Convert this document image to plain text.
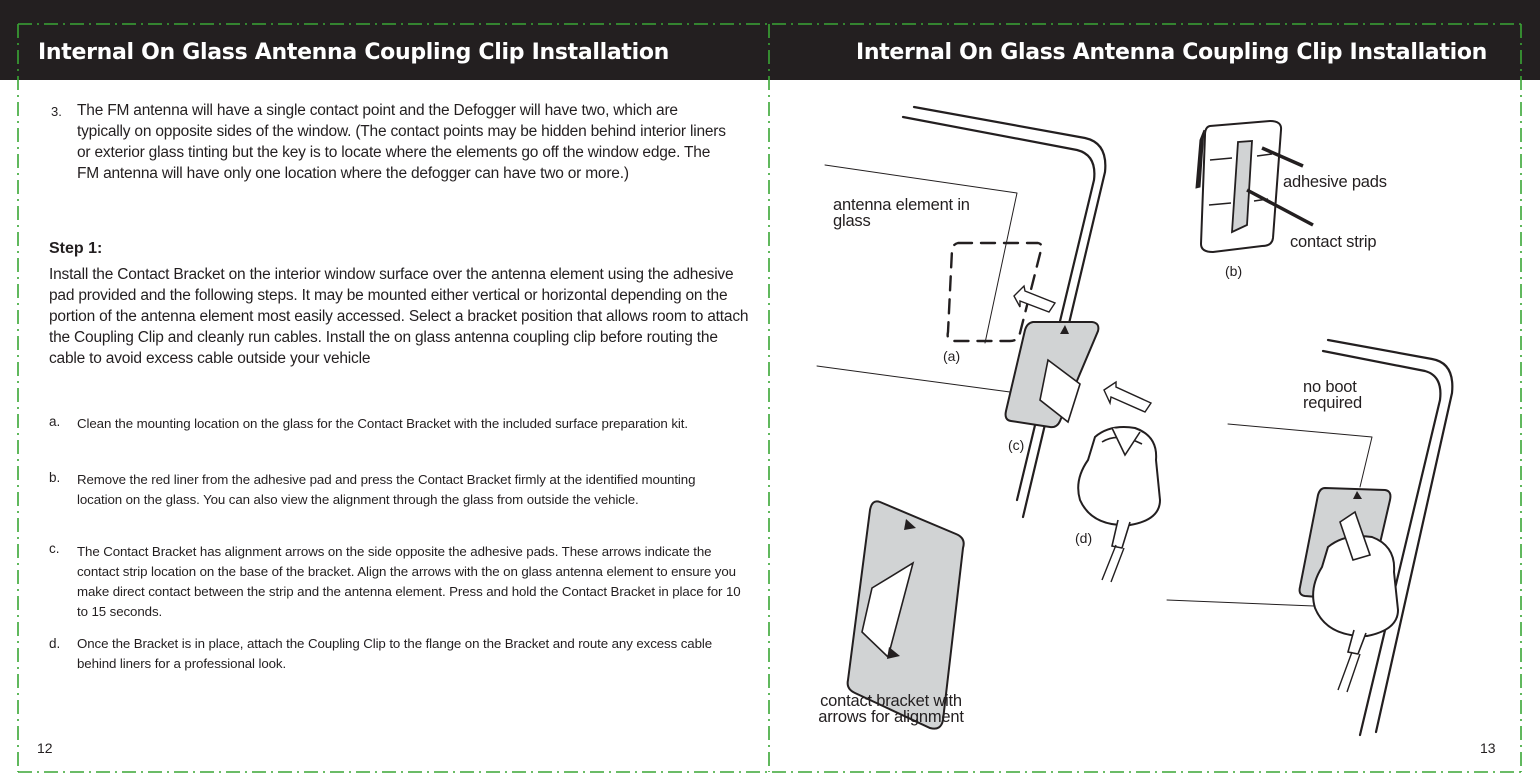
Internal On Glass Antenna Coupling Clip Installation
3. The FM antenna will have a single contact point and the Defogger will have two, which are typically on opposite sides of the window. (The contact points may be hidden behind interior liners or exterior glass tinting but the key is to locate where the elements go off the window edge. The FM antenna will have only one location where the defogger can have two or more.)
Step 1:
Install the Contact Bracket on the interior window surface over the antenna element using the adhesive pad provided and the following steps. It may be mounted either vertical or horizontal depending on the portion of the antenna element most easily accessed. Select a bracket position that allows room to attach the Coupling Clip and cleanly run cables. Install the on glass antenna coupling clip before routing the cable to avoid excess cable outside your vehicle
a. Clean the mounting location on the glass for the Contact Bracket with the included surface preparation kit.
b. Remove the red liner from the adhesive pad and press the Contact Bracket firmly at the identified mounting location on the glass. You can also view the alignment through the glass from outside the vehicle.
c. The Contact Bracket has alignment arrows on the side opposite the adhesive pads. These arrows indicate the contact strip location on the base of the bracket. Align the arrows with the on glass antenna element to ensure you make direct contact between the strip and the antenna element. Press and hold the Contact Bracket in place for 10 to 15 seconds.
d. Once the Bracket is in place, attach the Coupling Clip to the flange on the Bracket and route any excess cable behind liners for a professional look.
12
Internal On Glass Antenna Coupling Clip Installation
antenna element in glass
adhesive pads
contact strip
(b)
(a)
(c)
(d)
no boot required
contact bracket with arrows for alignment
13
